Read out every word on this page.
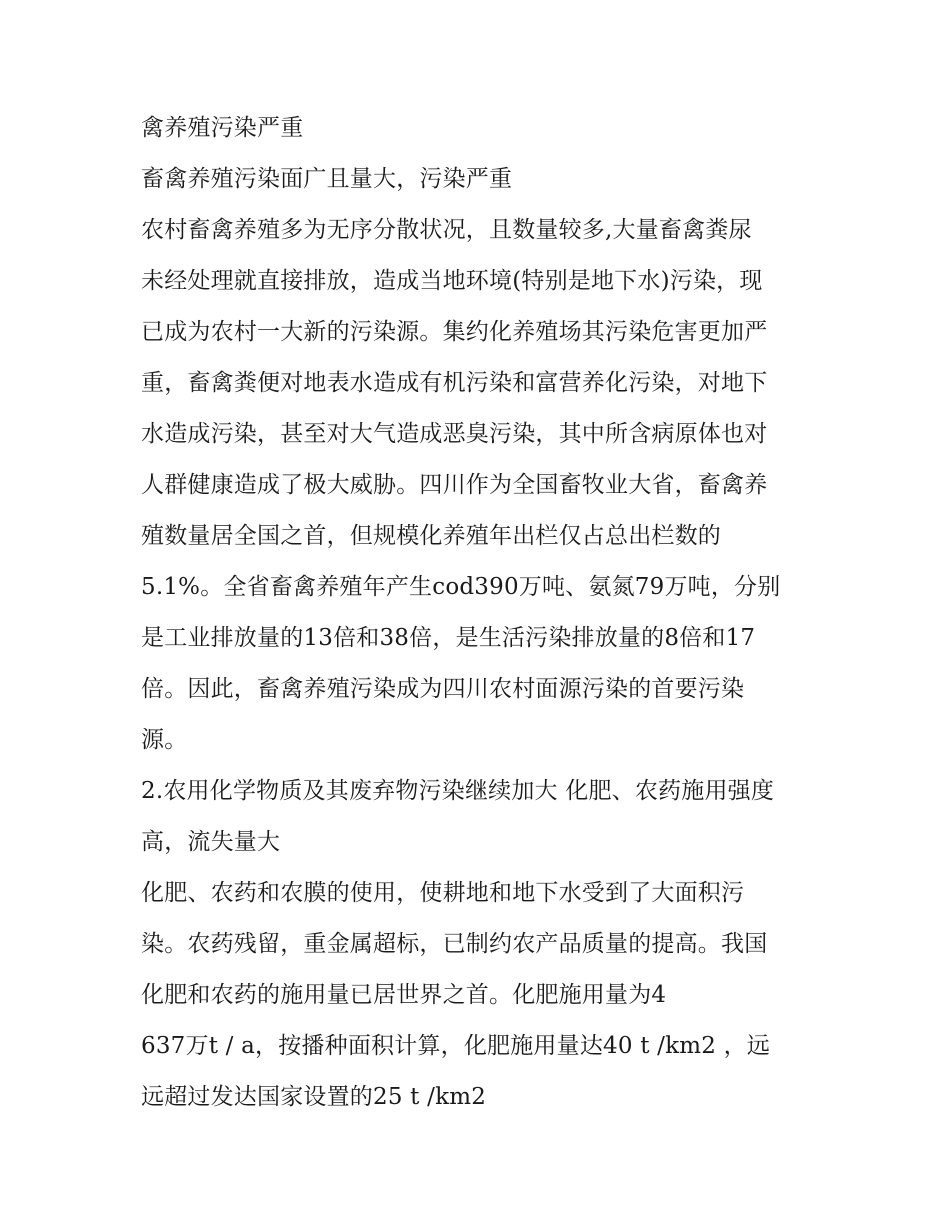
禽养殖污染严重
畜禽养殖污染面广且量大，污染严重
农村畜禽养殖多为无序分散状况，且数量较多,大量畜禽粪尿
未经处理就直接排放，造成当地环境(特别是地下水)污染，现
已成为农村一大新的污染源。集约化养殖场其污染危害更加严
重，畜禽粪便对地表水造成有机污染和富营养化污染，对地下
水造成污染，甚至对大气造成恶臭污染，其中所含病原体也对
人群健康造成了极大威胁。四川作为全国畜牧业大省，畜禽养
殖数量居全国之首，但规模化养殖年出栏仅占总出栏数的
5.1%。全省畜禽养殖年产生cod390万吨、氨氮79万吨，分别
是工业排放量的13倍和38倍，是生活污染排放量的8倍和17
倍。因此，畜禽养殖污染成为四川农村面源污染的首要污染
源。
2.农用化学物质及其废弃物污染继续加大 化肥、农药施用强度
高，流失量大
化肥、农药和农膜的使用，使耕地和地下水受到了大面积污
染。农药残留，重金属超标，已制约农产品质量的提高。我国
化肥和农药的施用量已居世界之首。化肥施用量为4
637万t / a，按播种面积计算，化肥施用量达40 t /km2 ，远
远超过发达国家设置的25 t /km2
